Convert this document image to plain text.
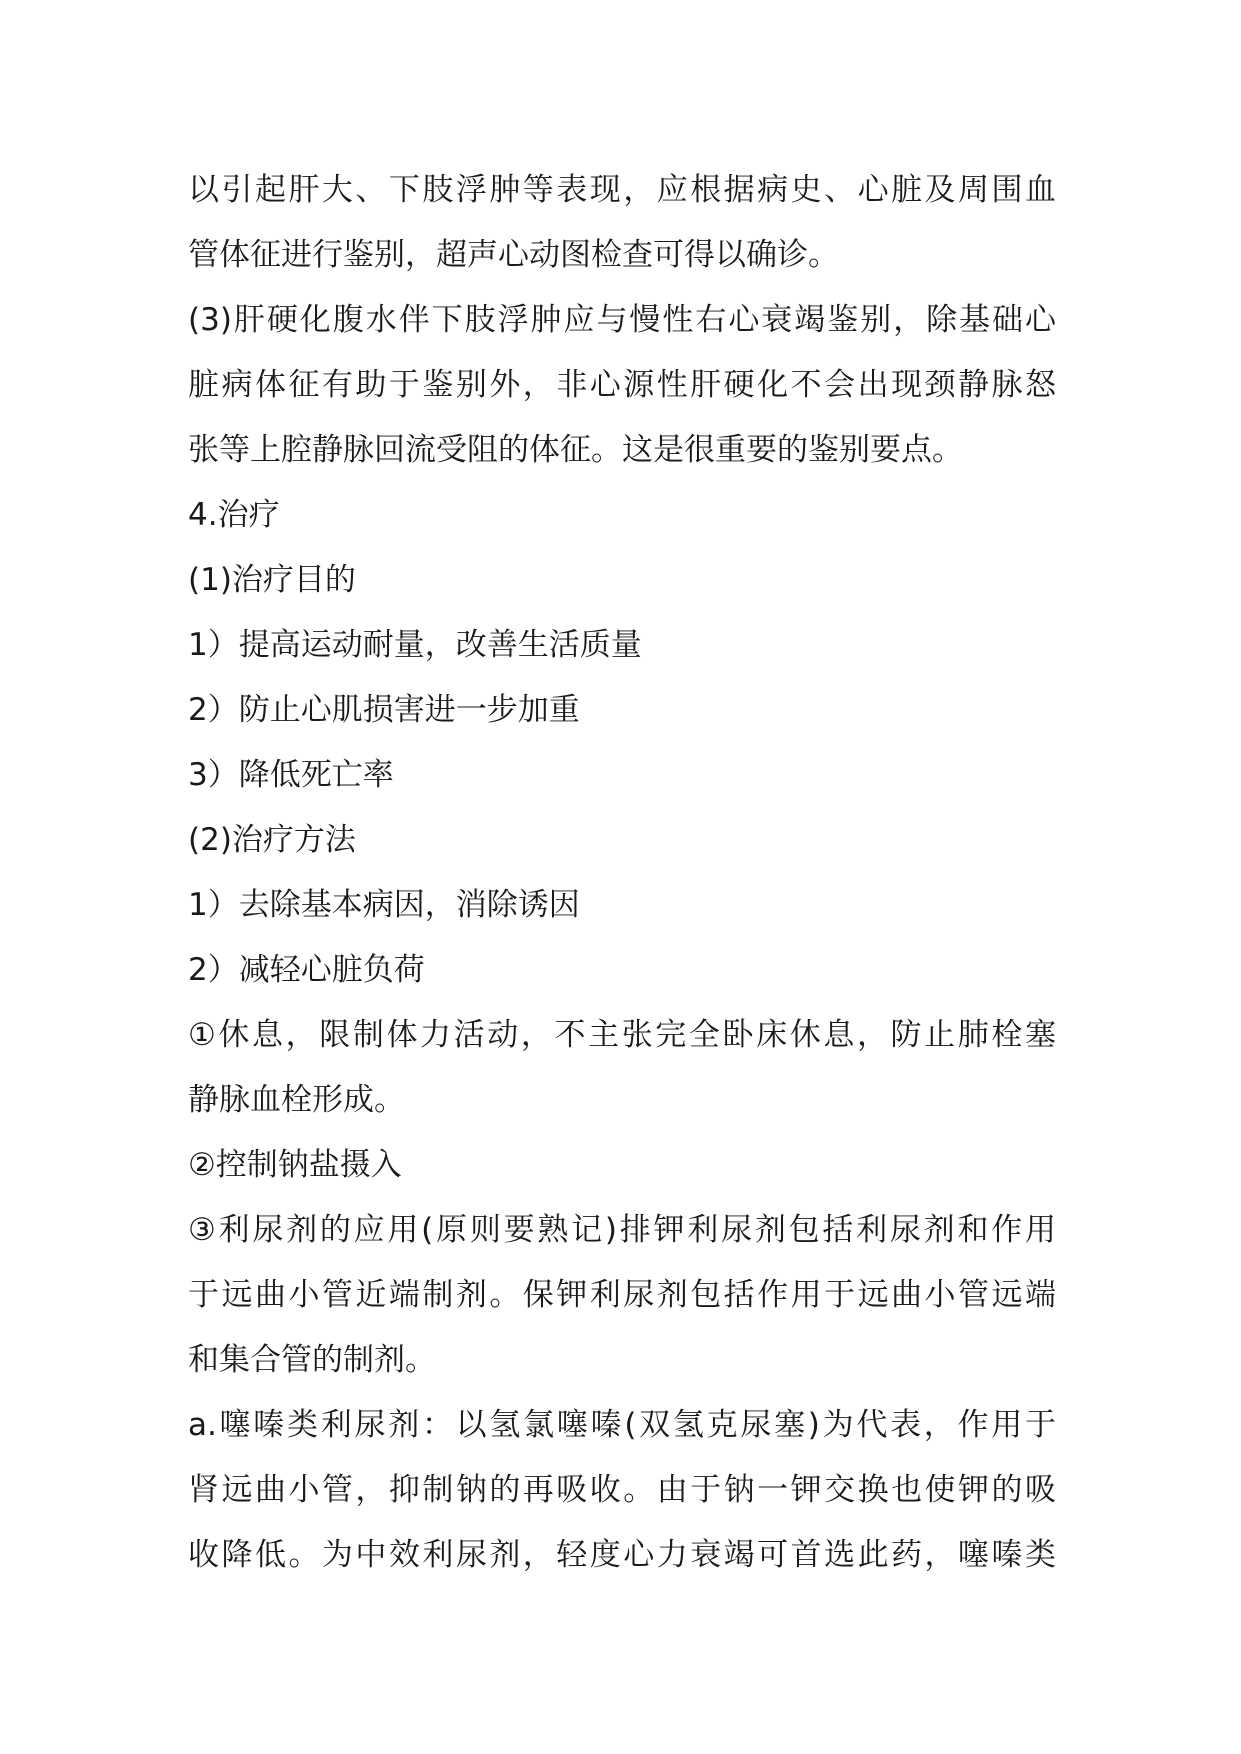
以引起肝大、下肢浮肿等表现，应根据病史、心脏及周围血
管体征进行鉴别，超声心动图检查可得以确诊。
(3)肝硬化腹水伴下肢浮肿应与慢性右心衰竭鉴别，除基础心
脏病体征有助于鉴别外，非心源性肝硬化不会出现颈静脉怒
张等上腔静脉回流受阻的体征。这是很重要的鉴别要点。
4.治疗
(1)治疗目的
1）提高运动耐量，改善生活质量
2）防止心肌损害进一步加重
3）降低死亡率
(2)治疗方法
1）去除基本病因，消除诱因
2）减轻心脏负荷
①休息，限制体力活动，不主张完全卧床休息，防止肺栓塞
静脉血栓形成。
②控制钠盐摄入
③利尿剂的应用(原则要熟记)排钾利尿剂包括利尿剂和作用
于远曲小管近端制剂。保钾利尿剂包括作用于远曲小管远端
和集合管的制剂。
a.噻嗪类利尿剂：以氢氯噻嗪(双氢克尿塞)为代表，作用于
肾远曲小管，抑制钠的再吸收。由于钠一钾交换也使钾的吸
收降低。为中效利尿剂，轻度心力衰竭可首选此药，噻嗪类
